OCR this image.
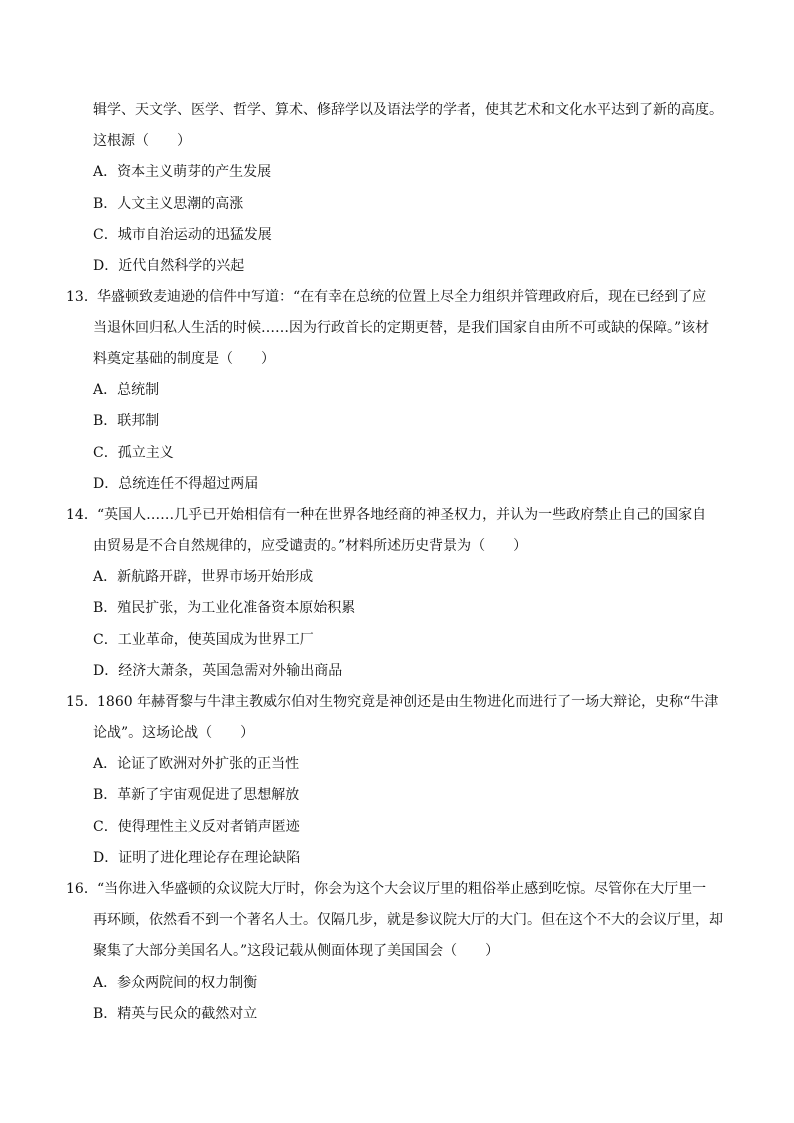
辑学、天文学、医学、哲学、算术、修辞学以及语法学的学者，使其艺术和文化水平达到了新的高度。
这根源（　　）
A．资本主义萌芽的产生发展
B．人文主义思潮的高涨
C．城市自治运动的迅猛发展
D．近代自然科学的兴起
13． 华盛顿致麦迪逊的信件中写道：“在有幸在总统的位置上尽全力组织并管理政府后，现在已经到了应
当退休回归私人生活的时候……因为行政首长的定期更替，是我们国家自由所不可或缺的保障。”该材
料奠定基础的制度是（　　）
A．总统制
B．联邦制
C．孤立主义
D．总统连任不得超过两届
14． “英国人……几乎已开始相信有一种在世界各地经商的神圣权力，并认为一些政府禁止自己的国家自
由贸易是不合自然规律的，应受谴责的。”材料所述历史背景为（　　）
A．新航路开辟，世界市场开始形成
B．殖民扩张，为工业化准备资本原始积累
C．工业革命，使英国成为世界工厂
D．经济大萧条，英国急需对外输出商品
15． 1860 年赫胥黎与牛津主教威尔伯对生物究竟是神创还是由生物进化而进行了一场大辩论，史称“牛津
论战”。这场论战（　　）
A．论证了欧洲对外扩张的正当性
B．革新了宇宙观促进了思想解放
C．使得理性主义反对者销声匿迹
D．证明了进化理论存在理论缺陷
16． “当你进入华盛顿的众议院大厅时，你会为这个大会议厅里的粗俗举止感到吃惊。尽管你在大厅里一
再环顾，依然看不到一个著名人士。仅隔几步，就是参议院大厅的大门。但在这个不大的会议厅里，却
聚集了大部分美国名人。”这段记载从侧面体现了美国国会（　　）
A．参众两院间的权力制衡
B．精英与民众的截然对立
